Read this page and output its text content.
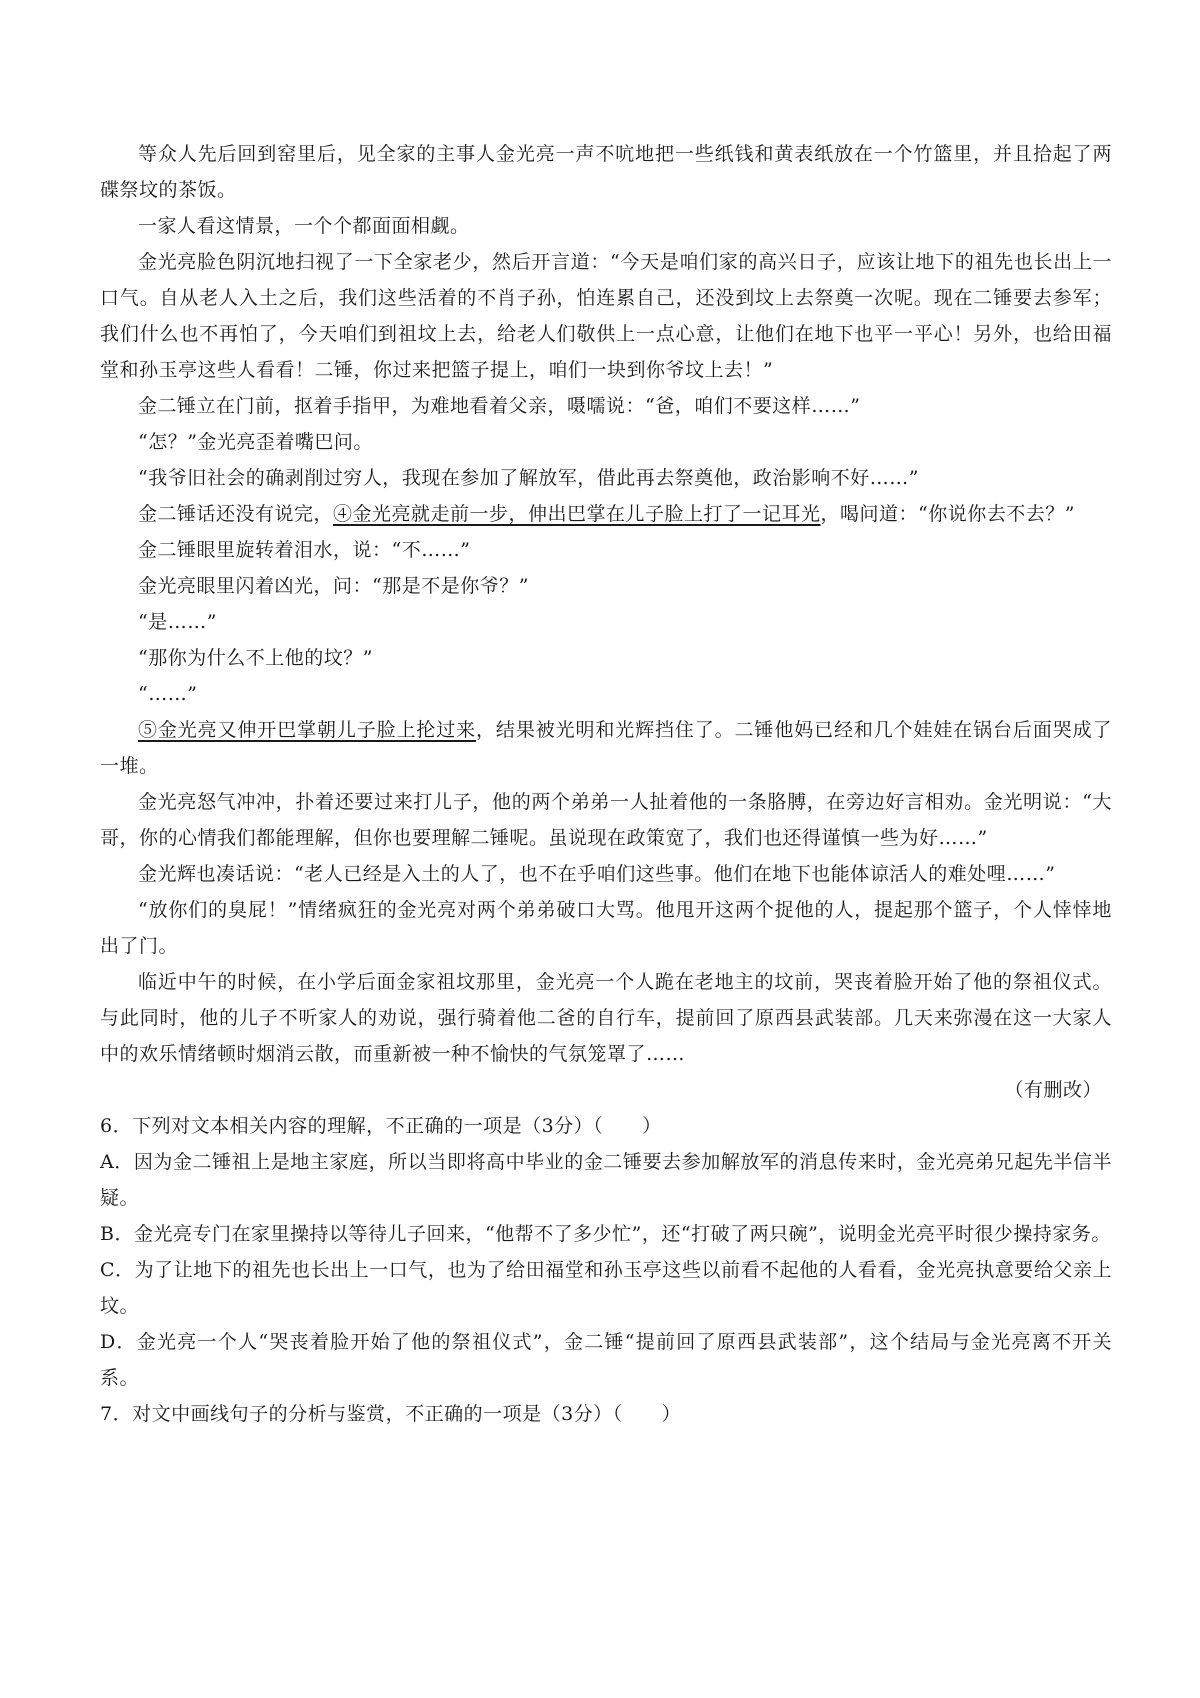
等众人先后回到窑里后，见全家的主事人金光亮一声不吭地把一些纸钱和黄表纸放在一个竹篮里，并且拾起了两碟祭坟的茶饭。

一家人看这情景，一个个都面面相觑。

金光亮脸色阴沉地扫视了一下全家老少，然后开言道：“今天是咱们家的高兴日子，应该让地下的祖先也长出上一口气。自从老人入土之后，我们这些活着的不肖子孙，怕连累自己，还没到坟上去祭奠一次呢。现在二锤要去参军；我们什么也不再怕了，今天咱们到祖坟上去，给老人们敬供上一点心意，让他们在地下也平一平心！另外，也给田福堂和孙玉亭这些人看看！二锤，你过来把篮子提上，咱们一块到你爷坟上去！”

金二锤立在门前，抠着手指甲，为难地看着父亲，嗫嚅说：“爸，咱们不要这样……”

“怎？”金光亮歪着嘴巴问。

“我爷旧社会的确剥削过穷人，我现在参加了解放军，借此再去祭奠他，政治影响不好……”

金二锤话还没有说完，④金光亮就走前一步，伸出巴掌在儿子脸上打了一记耳光，喝问道：“你说你去不去？”

金二锤眼里旋转着泪水，说：“不……”

金光亮眼里闪着凶光，问：“那是不是你爷？”

“是……”

“那你为什么不上他的坟？”

“……”

⑤金光亮又伸开巴掌朝儿子脸上抡过来，结果被光明和光辉挡住了。二锤他妈已经和几个娃娃在锅台后面哭成了一堆。

金光亮怒气冲冲，扑着还要过来打儿子，他的两个弟弟一人扯着他的一条胳膊，在旁边好言相劝。金光明说：“大哥，你的心情我们都能理解，但你也要理解二锤呢。虽说现在政策宽了，我们也还得谨慎一些为好……”

金光辉也凑话说：“老人已经是入土的人了，也不在乎咱们这些事。他们在地下也能体谅活人的难处哩……”

“放你们的臭屁！”情绪疯狂的金光亮对两个弟弟破口大骂。他甩开这两个捉他的人，提起那个篮子，个人悻悻地出了门。

临近中午的时候，在小学后面金家祖坟那里，金光亮一个人跪在老地主的坟前，哭丧着脸开始了他的祭祖仪式。与此同时，他的儿子不听家人的劝说，强行骑着他二爸的自行车，提前回了原西县武装部。几天来弥漫在这一大家人中的欢乐情绪顿时烟消云散，而重新被一种不愉快的气氛笼罩了……

（有删改）

6．下列对文本相关内容的理解，不正确的一项是（3分）（　　）

A．因为金二锤祖上是地主家庭，所以当即将高中毕业的金二锤要去参加解放军的消息传来时，金光亮弟兄起先半信半疑。

B．金光亮专门在家里操持以等待儿子回来，“他帮不了多少忙”，还“打破了两只碗”，说明金光亮平时很少操持家务。

C．为了让地下的祖先也长出上一口气，也为了给田福堂和孙玉亭这些以前看不起他的人看看，金光亮执意要给父亲上坟。

D．金光亮一个人“哭丧着脸开始了他的祭祖仪式”，金二锤“提前回了原西县武装部”，这个结局与金光亮离不开关系。

7．对文中画线句子的分析与鉴赏，不正确的一项是（3分）（　　）
